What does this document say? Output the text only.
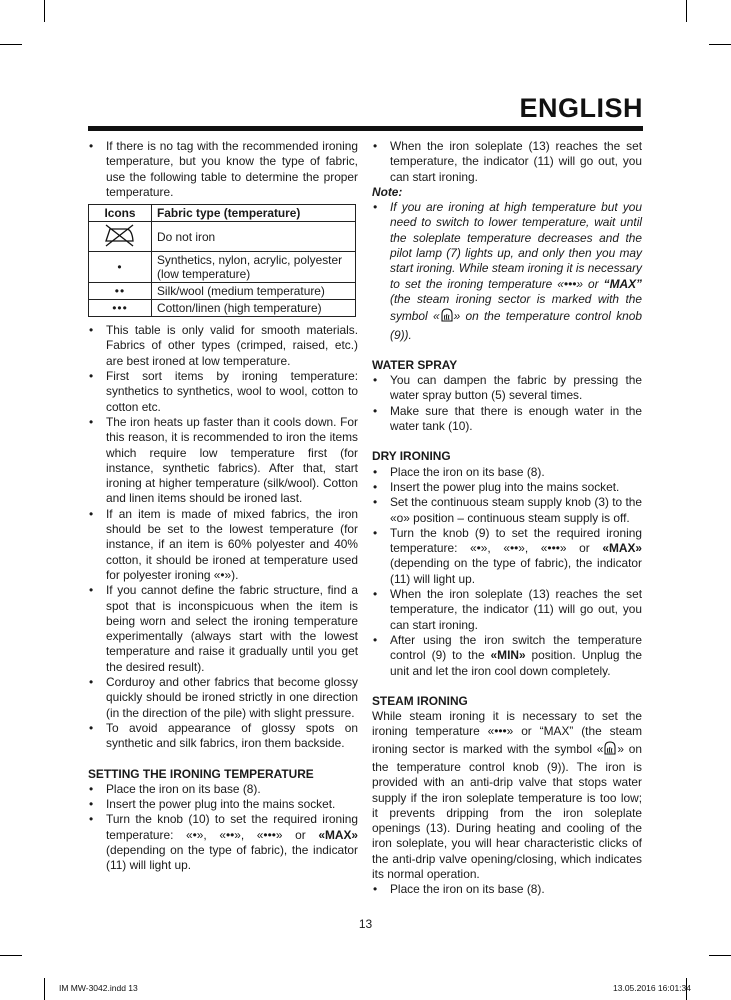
ENGLISH
• If there is no tag with the recommended ironing temperature, but you know the type of fabric, use the following table to determine the proper temperature.
Icons	Fabric type (temperature)
	Do not iron
•	Synthetics, nylon, acrylic, polyester (low temperature)
••	Silk/wool (medium temperature)
•••	Cotton/linen (high temperature)
• This table is only valid for smooth materials. Fabrics of other types (crimped, raised, etc.) are best ironed at low temperature.
• First sort items by ironing temperature: synthetics to synthetics, wool to wool, cotton to cotton etc.
• The iron heats up faster than it cools down. For this reason, it is recommended to iron the items which require low temperature first (for instance, synthetic fabrics). After that, start ironing at higher temperature (silk/wool). Cotton and linen items should be ironed last.
• If an item is made of mixed fabrics, the iron should be set to the lowest temperature (for instance, if an item is 60% polyester and 40% cotton, it should be ironed at temperature used for polyester ironing «•»).
• If you cannot define the fabric structure, find a spot that is inconspicuous when the item is being worn and select the ironing temperature experimentally (always start with the lowest temperature and raise it gradually until you get the desired result).
• Corduroy and other fabrics that become glossy quickly should be ironed strictly in one direction (in the direction of the pile) with slight pressure.
• To avoid appearance of glossy spots on synthetic and silk fabrics, iron them backside.
SETTING THE IRONING TEMPERATURE
• Place the iron on its base (8).
• Insert the power plug into the mains socket.
• Turn the knob (10) to set the required ironing temperature: «•», «••», «•••» or «MAX» (depending on the type of fabric), the indicator (11) will light up.
• When the iron soleplate (13) reaches the set temperature, the indicator (11) will go out, you can start ironing.
Note:
• If you are ironing at high temperature but you need to switch to lower temperature, wait until the soleplate temperature decreases and the pilot lamp (7) lights up, and only then you may start ironing. While steam ironing it is necessary to set the ironing temperature «•••» or “MAX” (the steam ironing sector is marked with the symbol « » on the temperature control knob (9)).
WATER SPRAY
• You can dampen the fabric by pressing the water spray button (5) several times.
• Make sure that there is enough water in the water tank (10).
DRY IRONING
• Place the iron on its base (8).
• Insert the power plug into the mains socket.
• Set the continuous steam supply knob (3) to the «o» position – continuous steam supply is off.
• Turn the knob (9) to set the required ironing temperature: «•», «••», «•••» or «MAX» (depending on the type of fabric), the indicator (11) will light up.
• When the iron soleplate (13) reaches the set temperature, the indicator (11) will go out, you can start ironing.
• After using the iron switch the temperature control (9) to the «MIN» position. Unplug the unit and let the iron cool down completely.
STEAM IRONING

While steam ironing it is necessary to set the ironing temperature «•••» or “MAX” (the steam ironing sector is marked with the symbol « » on the temperature control knob (9)). The iron is provided with an anti-drip valve that stops water supply if the iron soleplate temperature is too low; it prevents dripping from the iron soleplate openings (13). During heating and cooling of the iron soleplate, you will hear characteristic clicks of the anti-drip valve opening/closing, which indicates its normal operation.

• Place the iron on its base (8).
13
IM MW-3042.indd 13	13.05.2016 16:01:34
